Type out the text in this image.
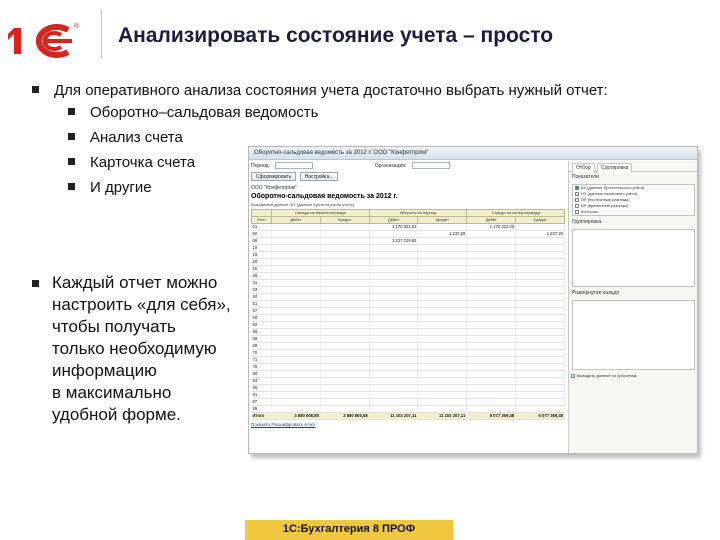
® Анализировать состояние учета – просто
Для оперативного анализа состояния учета достаточно выбрать нужный отчет:
Оборотно–сальдовая ведомость
Анализ счета
Карточка счета
И другие
Каждый отчет можно
настроить «для себя»,
чтобы получать
только необходимую
информацию
в максимально
удобной форме.
Оборотно-сальдовая ведомость за 2012 г. ООО "Конфетпром"
Период:	Организация:
Сформировать	Настройка...
ООО "Конфетпром"
Оборотно-сальдовая ведомость за 2012 г.
Выводимые данные: БУ (данные бухгалтерского учета)
	Сальдо на начало периода		Обороты за период		Сальдо на конец периода	
Счет	Дебет	Кредит	Дебет	Кредит	Дебет	Кредит
01			1 170 322,03		1 170 322,03	
02				1 237,28		1 237,28
08			1 227 728,82			
10						
19						
20						
25						
26						
41						
43						
50						
51						
57						
60						
62						
66						
68						
69						
70						
71						
76						
80						
84						
90						
91						
97						
99						
Итого	3 880 808,88	3 880 808,88	11 102 207,11	11 102 207,11	6 077 369,48	6 077 369,48
Показать Расшифровать отчет
Отбор Сортировка
Показатели
БУ (данные бухгалтерского учета)
НУ (данные налогового учета)
ПР (постоянные разницы)
ВР (временные разницы)
Контроль
Группировка
Развернутое сальдо
Выводить данные по субсчетам
1С:Бухгалтерия 8 ПРОФ
